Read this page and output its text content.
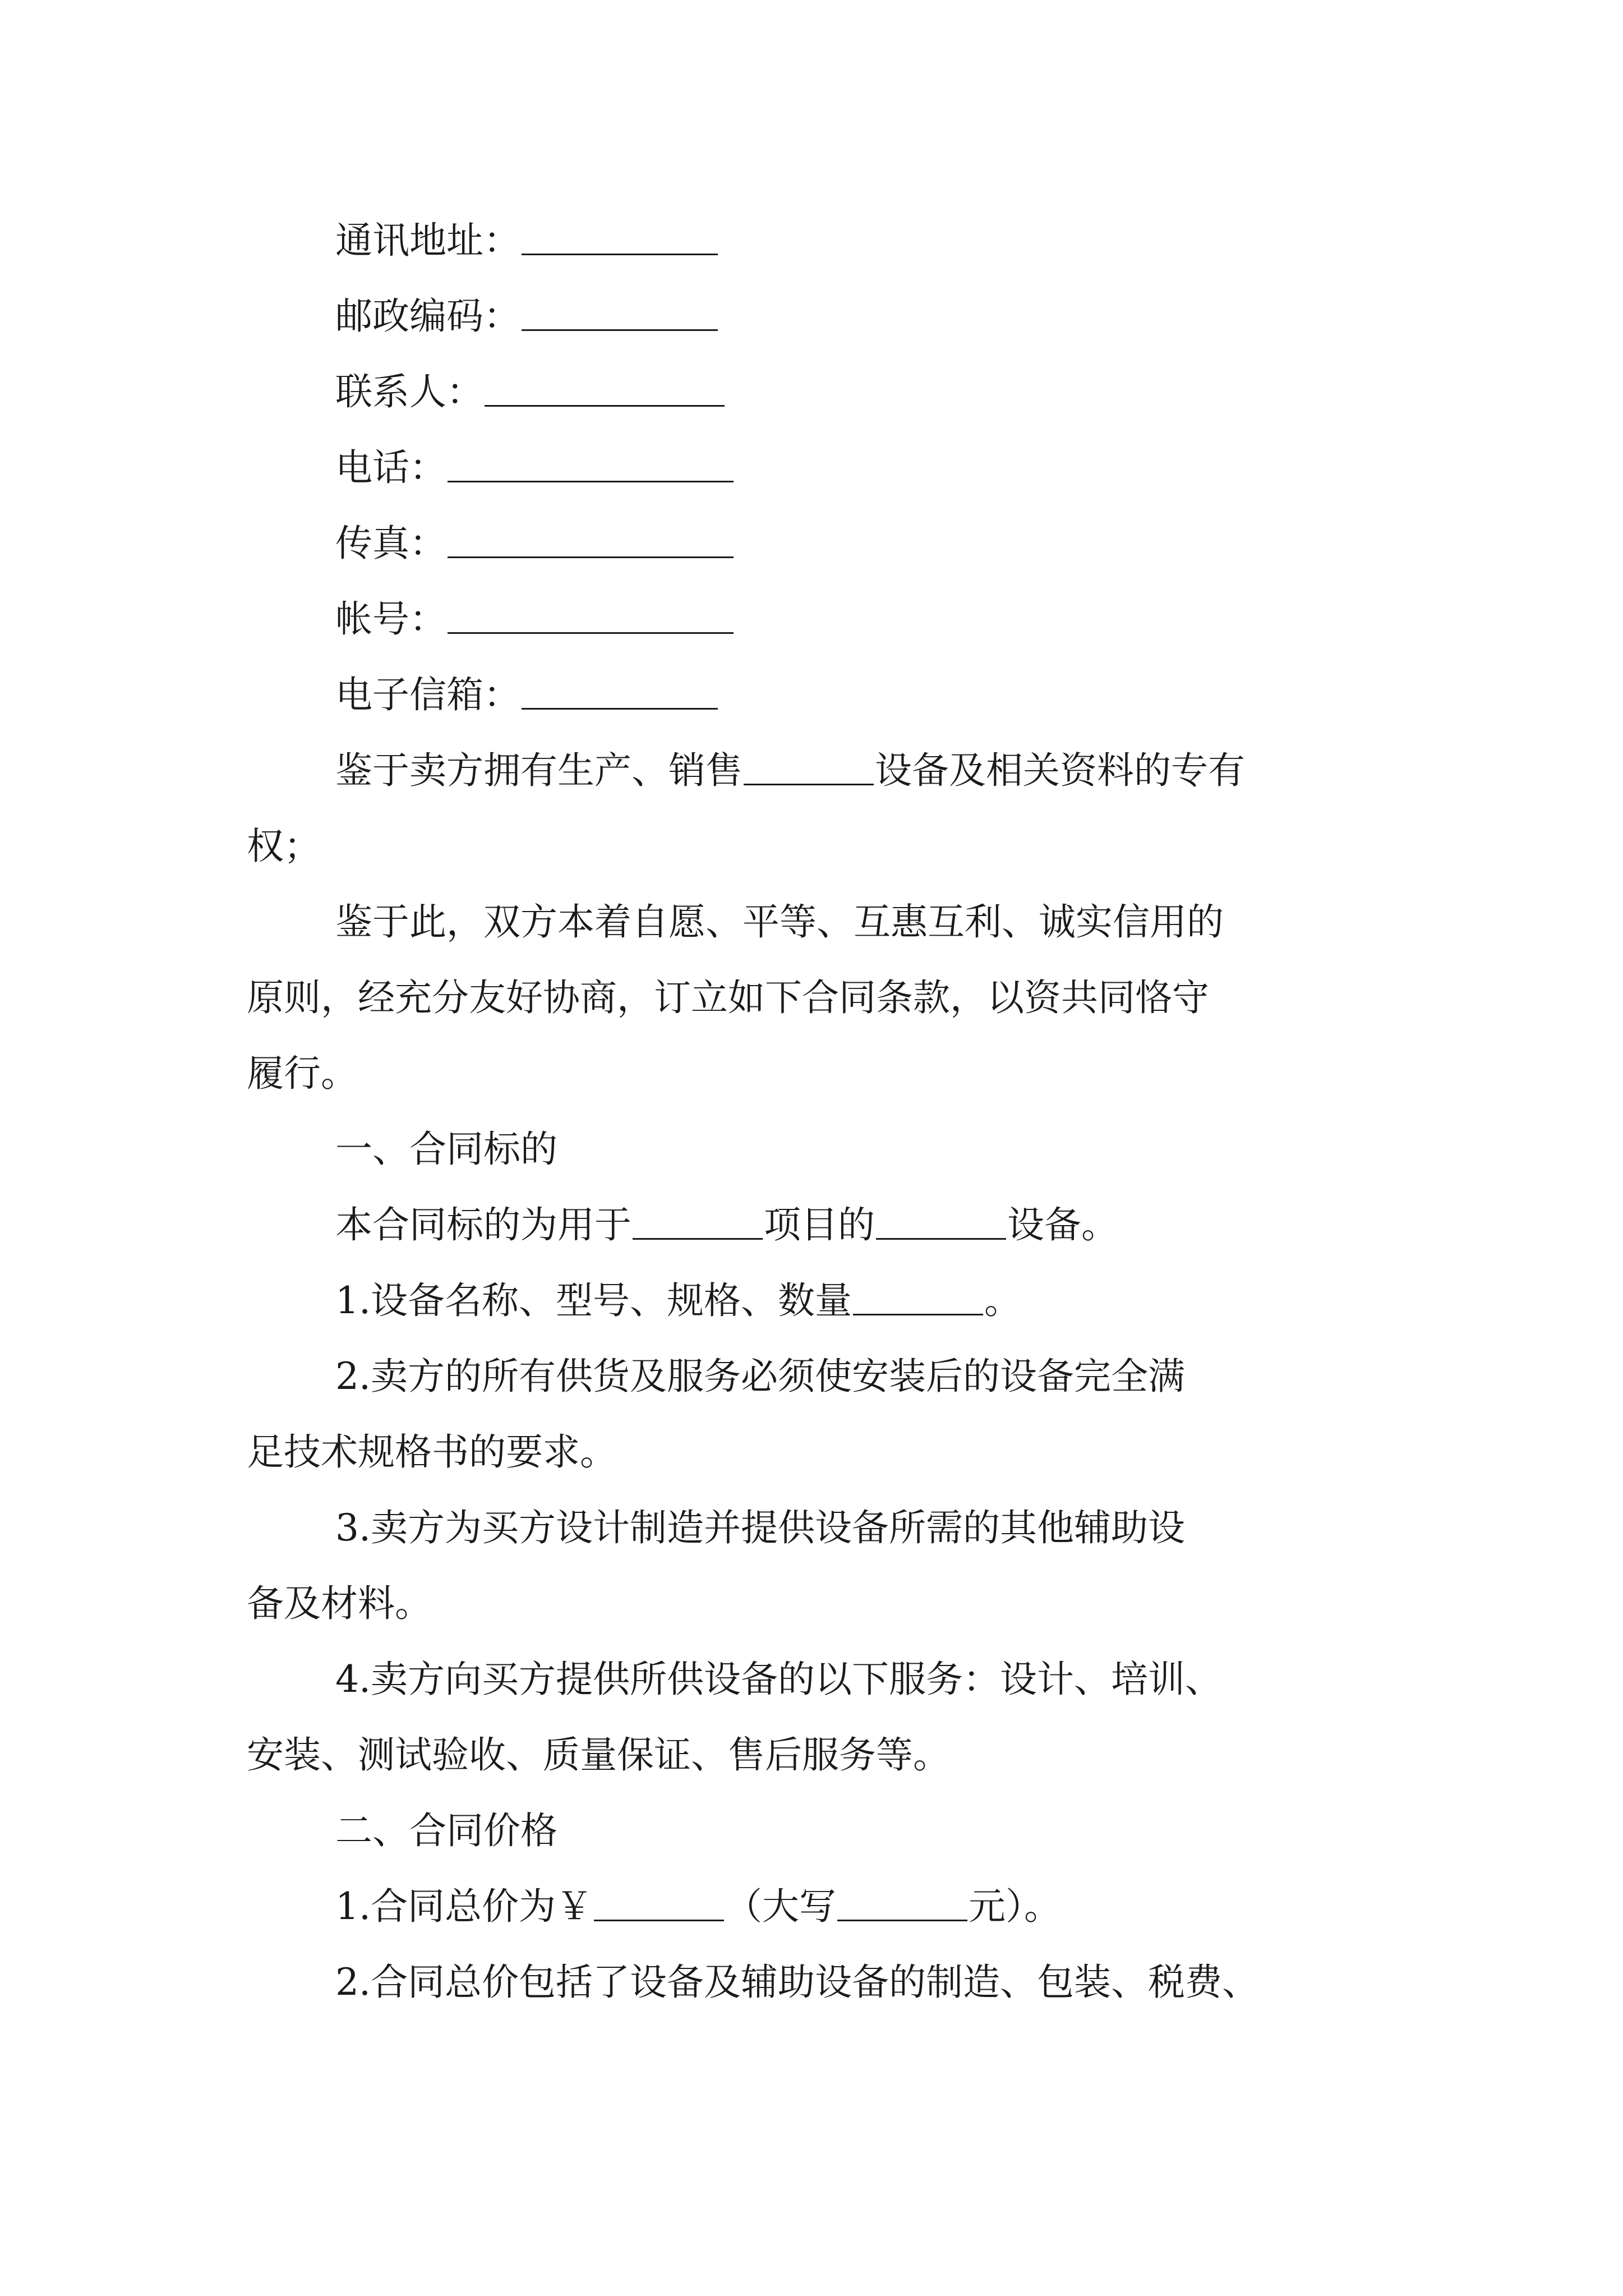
通讯地址：
邮政编码：
联系人：
电话：
传真：
帐号：
电子信箱：
鉴于卖方拥有生产、销售	设备及相关资料的专有
权；
鉴于此，双方本着自愿、平等、互惠互利、诚实信用的
原则，经充分友好协商，订立如下合同条款，以资共同恪守
履行。
一、合同标的
本合同标的为用于	项目的	设备。
1.设备名称、型号、规格、数量	。
2.卖方的所有供货及服务必须使安装后的设备完全满
足技术规格书的要求。
3.卖方为买方设计制造并提供设备所需的其他辅助设
备及材料。
4.卖方向买方提供所供设备的以下服务：设计、培训、
安装、测试验收、质量保证、售后服务等。
二、合同价格
1.合同总价为￥	（大写	元）。
2.合同总价包括了设备及辅助设备的制造、包装、税费、
